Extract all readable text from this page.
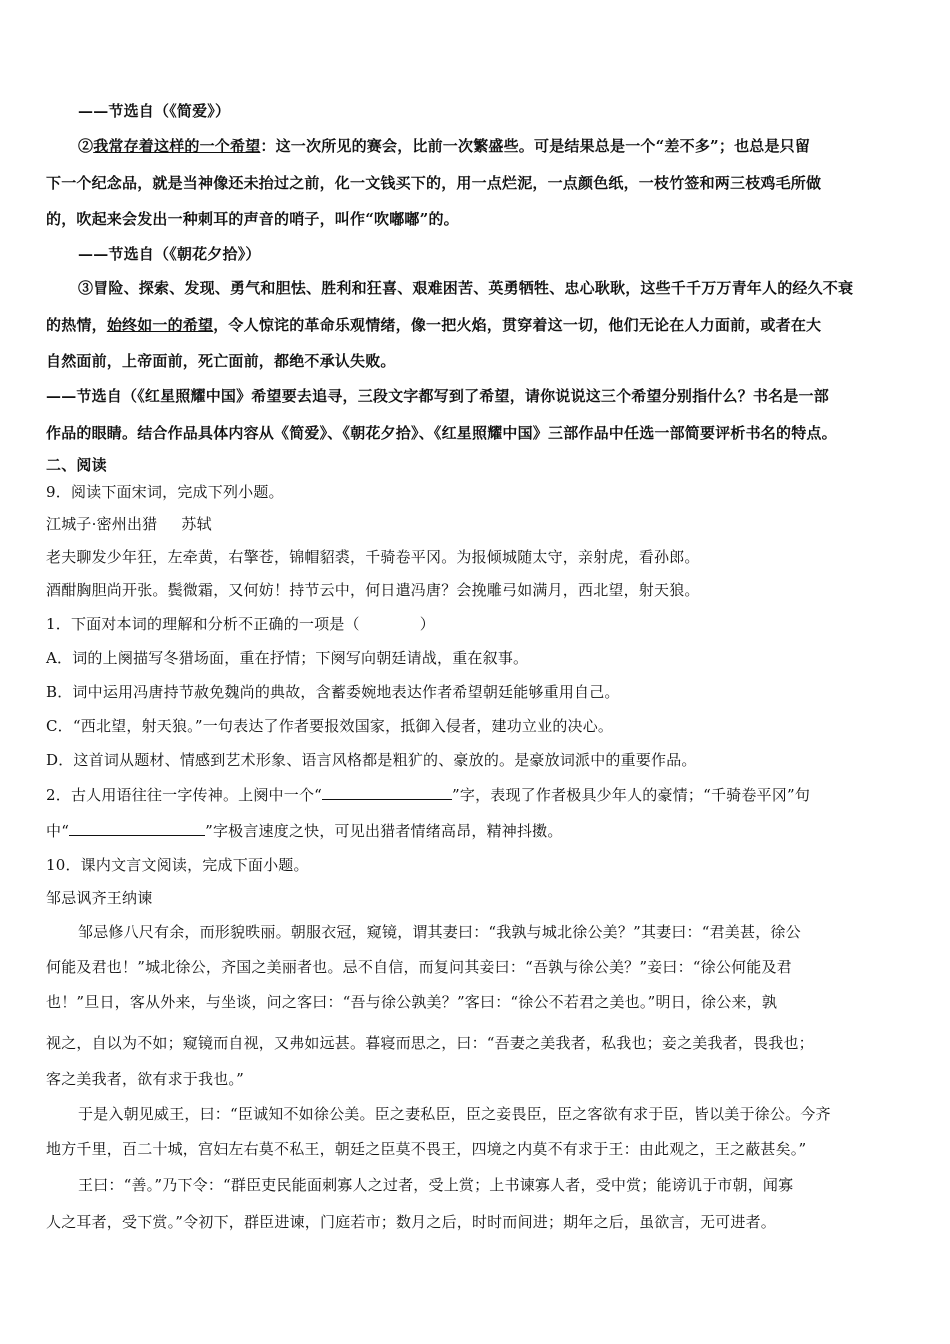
——节选自（《简爱》）
②我常存着这样的一个希望：这一次所见的赛会，比前一次繁盛些。可是结果总是一个“差不多”；也总是只留
下一个纪念品，就是当神像还未抬过之前，化一文钱买下的，用一点烂泥，一点颜色纸，一枝竹签和两三枝鸡毛所做
的，吹起来会发出一种刺耳的声音的哨子，叫作“吹嘟嘟”的。
——节选自（《朝花夕拾》）
③冒险、探索、发现、勇气和胆怯、胜利和狂喜、艰难困苦、英勇牺牲、忠心耿耿，这些千千万万青年人的经久不衰
的热情，始终如一的希望，令人惊诧的革命乐观情绪，像一把火焰，贯穿着这一切，他们无论在人力面前，或者在大
自然面前，上帝面前，死亡面前，都绝不承认失败。
——节选自（《红星照耀中国》希望要去追寻，三段文字都写到了希望，请你说说这三个希望分别指什么？书名是一部
作品的眼睛。结合作品具体内容从《简爱》、《朝花夕拾》、《红星照耀中国》三部作品中任选一部简要评析书名的特点。
二、阅读
9．阅读下面宋词，完成下列小题。
江城子·密州出猎 苏轼
老夫聊发少年狂，左牵黄，右擎苍，锦帽貂裘，千骑卷平冈。为报倾城随太守，亲射虎，看孙郎。
酒酣胸胆尚开张。鬓微霜，又何妨！持节云中，何日遣冯唐？会挽雕弓如满月，西北望，射天狼。
1．下面对本词的理解和分析不正确的一项是（	）
A．词的上阕描写冬猎场面，重在抒情；下阕写向朝廷请战，重在叙事。
B．词中运用冯唐持节赦免魏尚的典故，含蓄委婉地表达作者希望朝廷能够重用自己。
C．“西北望，射天狼。”一句表达了作者要报效国家，抵御入侵者，建功立业的决心。
D．这首词从题材、情感到艺术形象、语言风格都是粗犷的、豪放的。是豪放词派中的重要作品。
2．古人用语往往一字传神。上阕中一个“	”字，表现了作者极具少年人的豪情；“千骑卷平冈”句
中“	”字极言速度之快，可见出猎者情绪高昂，精神抖擞。
10．课内文言文阅读，完成下面小题。
邹忌讽齐王纳谏
邹忌修八尺有余，而形貌昳丽。朝服衣冠，窥镜，谓其妻曰：“我孰与城北徐公美？”其妻曰：“君美甚，徐公
何能及君也！”城北徐公，齐国之美丽者也。忌不自信，而复问其妾曰：“吾孰与徐公美？”妾曰：“徐公何能及君
也！”旦日，客从外来，与坐谈，问之客曰：“吾与徐公孰美？”客曰：“徐公不若君之美也。”明日，徐公来，孰
视之，自以为不如；窥镜而自视，又弗如远甚。暮寝而思之，曰：“吾妻之美我者，私我也；妾之美我者，畏我也；
客之美我者，欲有求于我也。”
于是入朝见威王，曰：“臣诚知不如徐公美。臣之妻私臣，臣之妾畏臣，臣之客欲有求于臣，皆以美于徐公。今齐
地方千里，百二十城，宫妇左右莫不私王，朝廷之臣莫不畏王，四境之内莫不有求于王：由此观之，王之蔽甚矣。”
王曰：“善。”乃下令：“群臣吏民能面刺寡人之过者，受上赏；上书谏寡人者，受中赏；能谤讥于市朝，闻寡
人之耳者，受下赏。”令初下，群臣进谏，门庭若市；数月之后，时时而间进；期年之后，虽欲言，无可进者。
